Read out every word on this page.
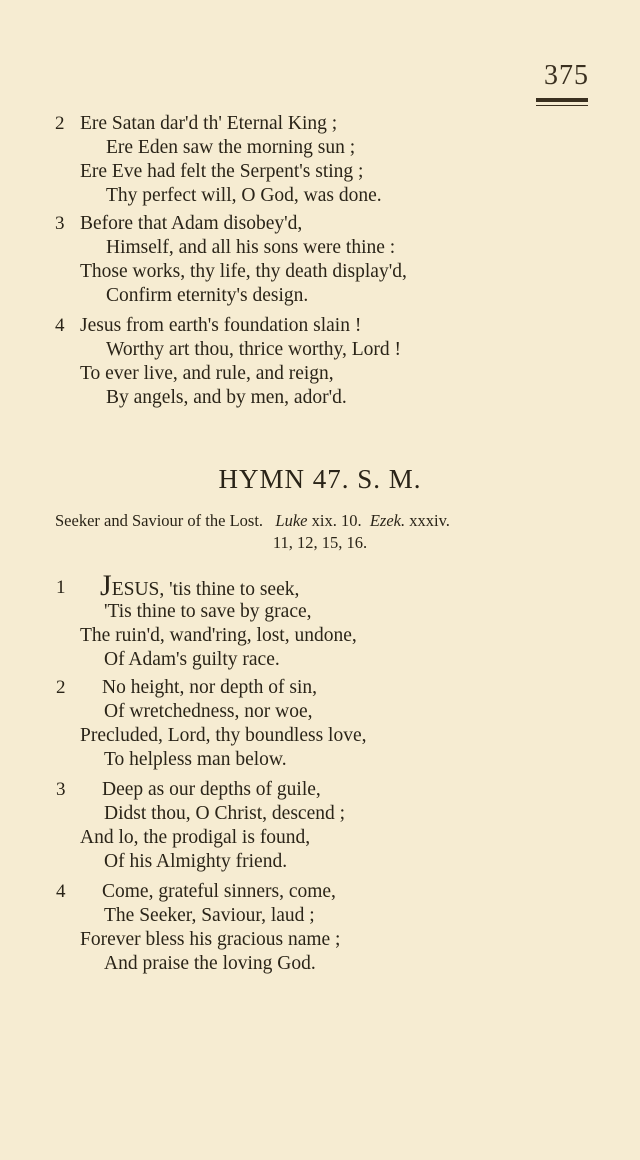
375
2 Ere Satan dar'd th' Eternal King ;
Ere Eden saw the morning sun ;
Ere Eve had felt the Serpent's sting ;
Thy perfect will, O God, was done.
3 Before that Adam disobey'd,
Himself, and all his sons were thine :
Those works, thy life, thy death display'd,
Confirm eternity's design.
4 Jesus from earth's foundation slain !
Worthy art thou, thrice worthy, Lord !
To ever live, and rule, and reign,
By angels, and by men, ador'd.
HYMN 47. S. M.
Seeker and Saviour of the Lost. Luke xix. 10. Ezek. xxxiv.
11, 12, 15, 16.
1 JESUS, 'tis thine to seek,
'Tis thine to save by grace,
The ruin'd, wand'ring, lost, undone,
Of Adam's guilty race.
2 No height, nor depth of sin,
Of wretchedness, nor woe,
Precluded, Lord, thy boundless love,
To helpless man below.
3 Deep as our depths of guile,
Didst thou, O Christ, descend ;
And lo, the prodigal is found,
Of his Almighty friend.
4 Come, grateful sinners, come,
The Seeker, Saviour, laud ;
Forever bless his gracious name ;
And praise the loving God.
